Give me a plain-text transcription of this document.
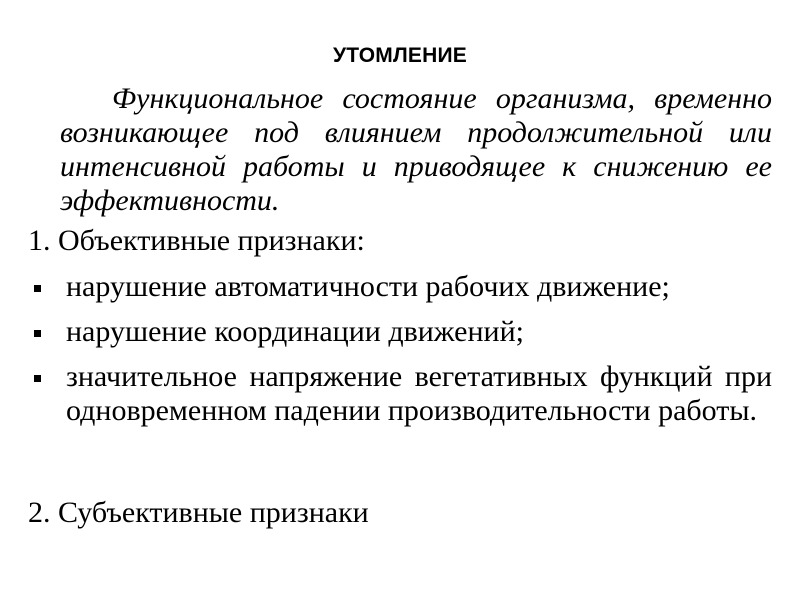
УТОМЛЕНИЕ

Функциональное состояние организма, временно возникающее под влиянием продолжительной или интенсивной работы и приводящее к снижению ее эффективности.

1. Объективные признаки:

нарушение автоматичности рабочих движение;
нарушение координации движений;
значительное напряжение вегетативных функций при одновременном падении производительности работы.

2. Субъективные признаки
